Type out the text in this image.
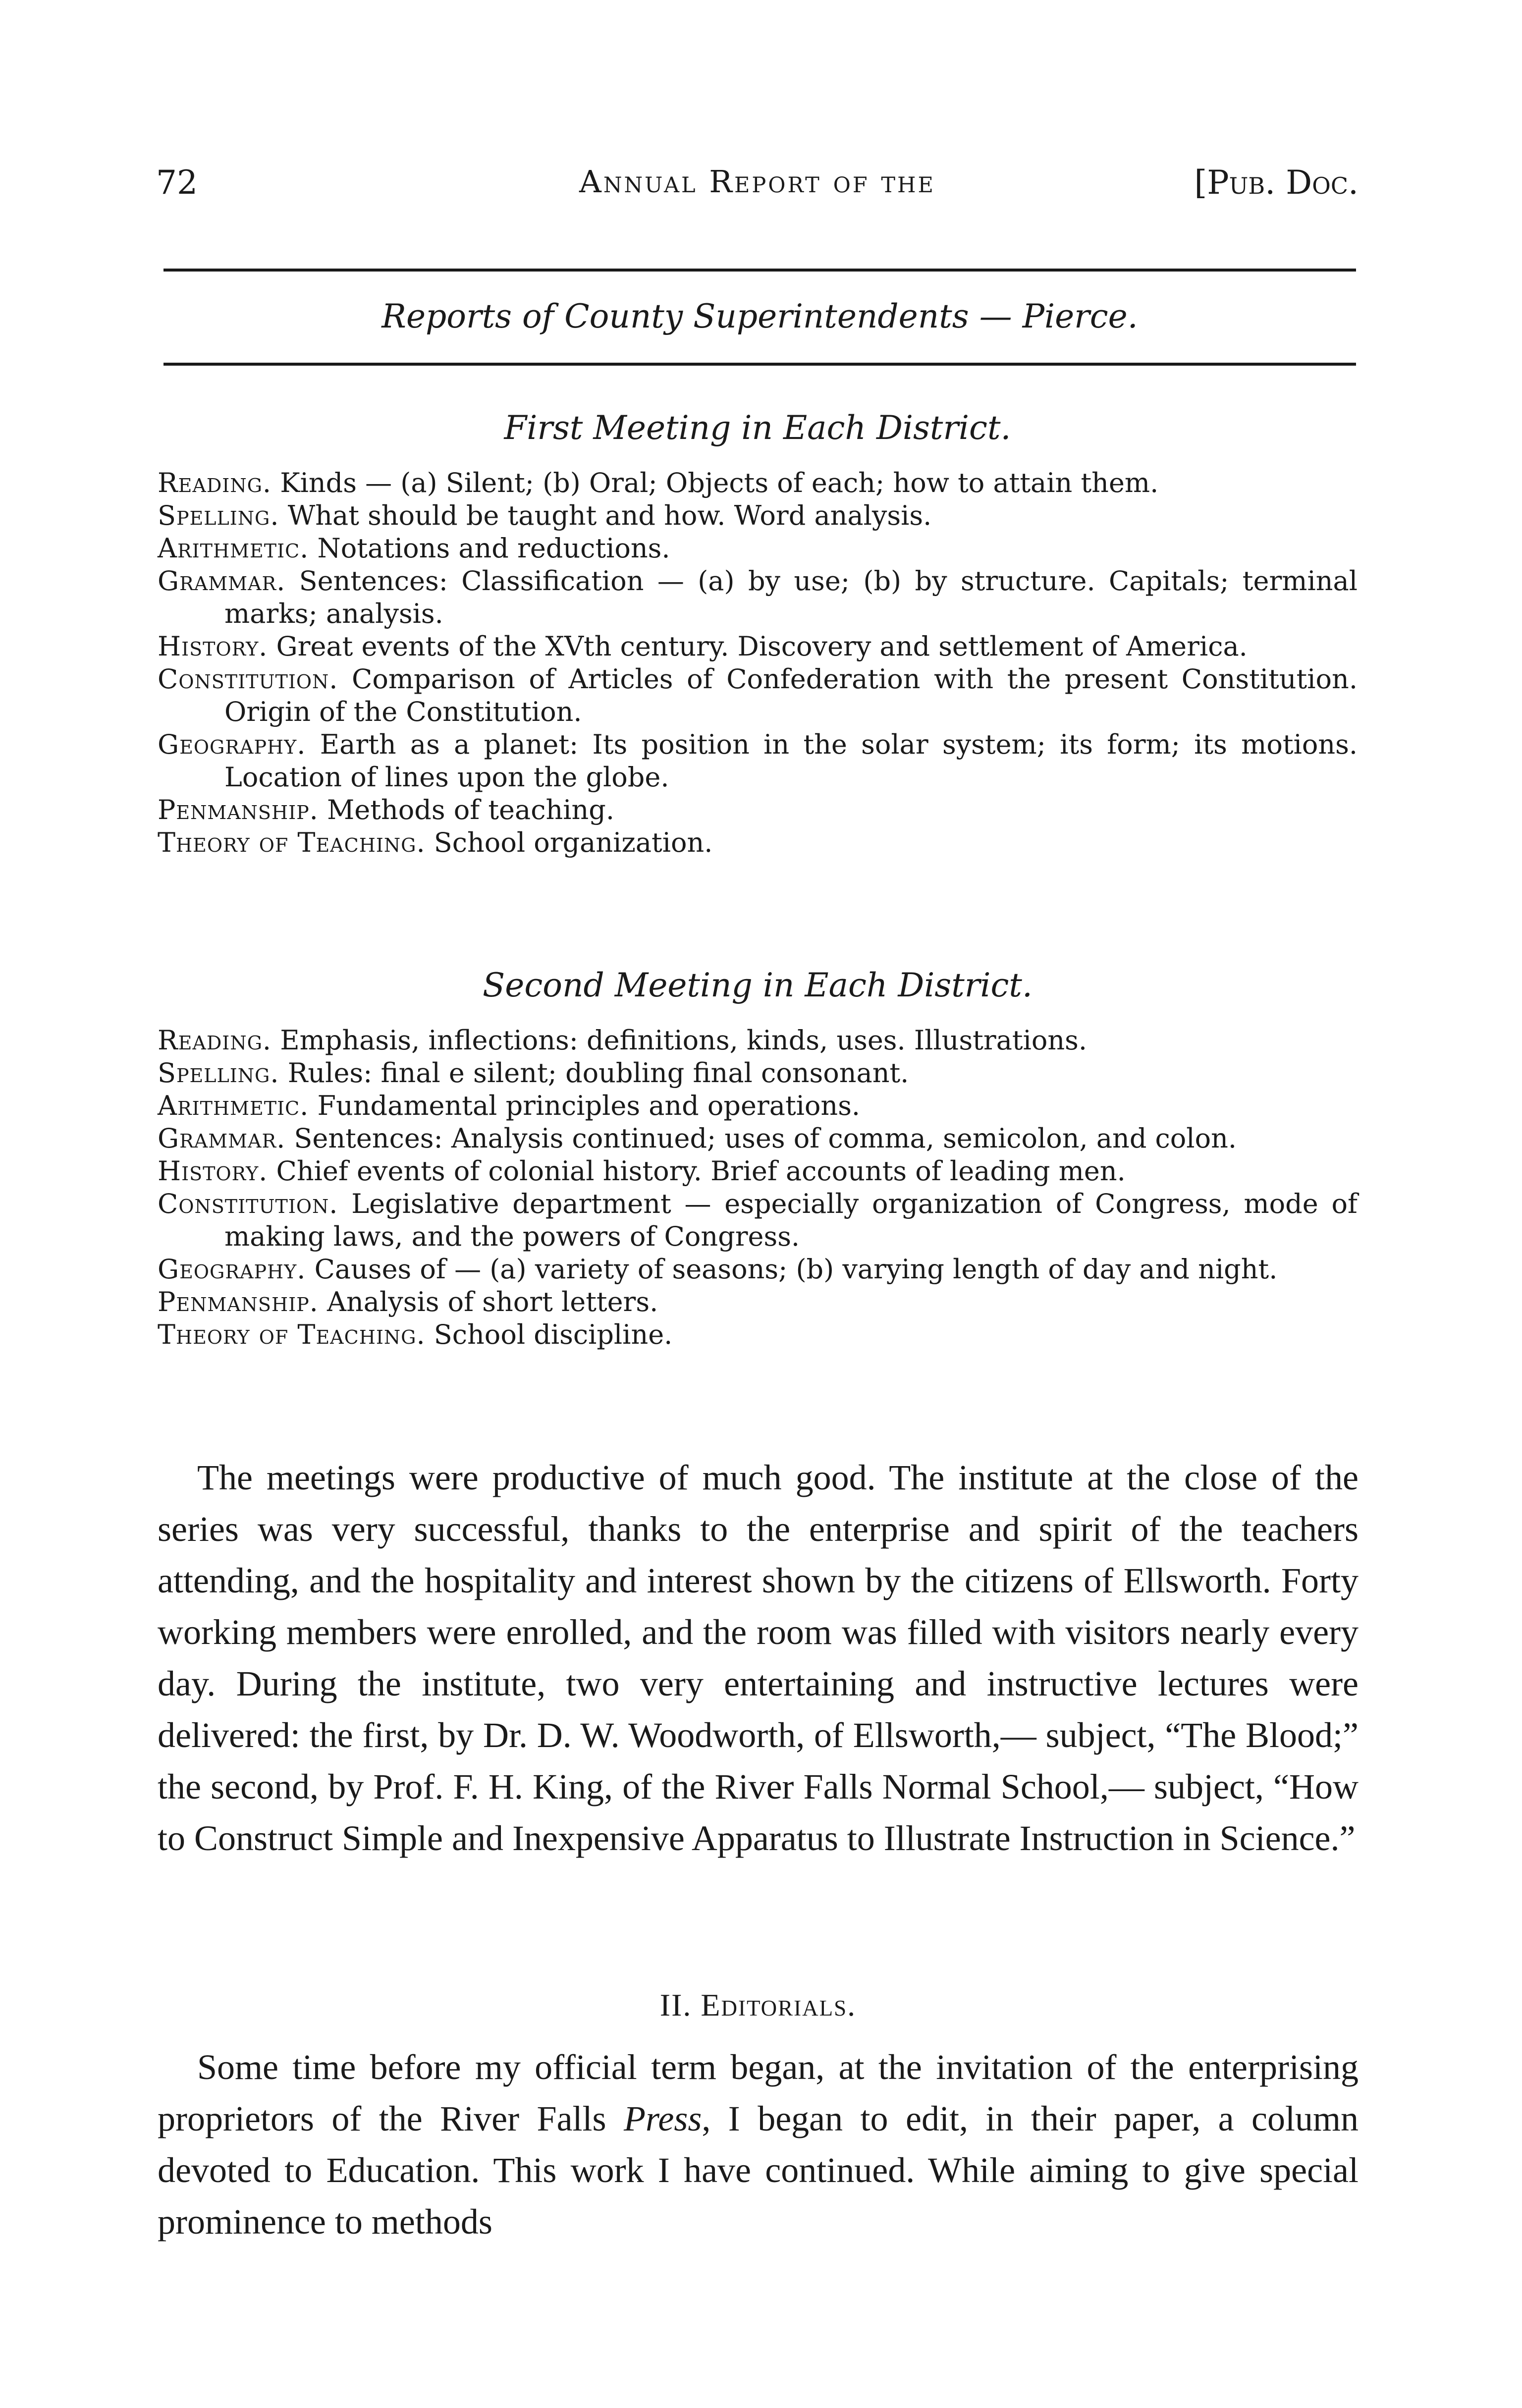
72	Annual Report of the	[Pub. Doc.
Reports of County Superintendents — Pierce.
First Meeting in Each District.

Reading. Kinds — (a) Silent; (b) Oral; Objects of each; how to attain them.

Spelling. What should be taught and how. Word analysis.

Arithmetic. Notations and reductions.

Grammar. Sentences: Classification — (a) by use; (b) by structure. Capitals; terminal marks; analysis.

History. Great events of the XVth century. Discovery and settlement of America.

Constitution. Comparison of Articles of Confederation with the present Constitution. Origin of the Constitution.

Geography. Earth as a planet: Its position in the solar system; its form; its motions. Location of lines upon the globe.

Penmanship. Methods of teaching.

Theory of Teaching. School organization.

Second Meeting in Each District.

Reading. Emphasis, inflections: definitions, kinds, uses. Illustrations.

Spelling. Rules: final e silent; doubling final consonant.

Arithmetic. Fundamental principles and operations.

Grammar. Sentences: Analysis continued; uses of comma, semicolon, and colon.

History. Chief events of colonial history. Brief accounts of leading men.

Constitution. Legislative department — especially organization of Congress, mode of making laws, and the powers of Congress.

Geography. Causes of — (a) variety of seasons; (b) varying length of day and night.

Penmanship. Analysis of short letters.

Theory of Teaching. School discipline.

The meetings were productive of much good. The institute at the close of the series was very successful, thanks to the enterprise and spirit of the teachers attending, and the hospitality and interest shown by the citizens of Ellsworth. Forty working members were enrolled, and the room was filled with visitors nearly every day. During the institute, two very entertaining and instructive lectures were delivered: the first, by Dr. D. W. Woodworth, of Ellsworth,— subject, “The Blood;” the second, by Prof. F. H. King, of the River Falls Normal School,— subject, “How to Construct Simple and Inexpensive Apparatus to Illustrate Instruction in Science.”

II. Editorials.

Some time before my official term began, at the invitation of the enterprising proprietors of the River Falls Press, I began to edit, in their paper, a column devoted to Education. This work I have continued. While aiming to give special prominence to methods
